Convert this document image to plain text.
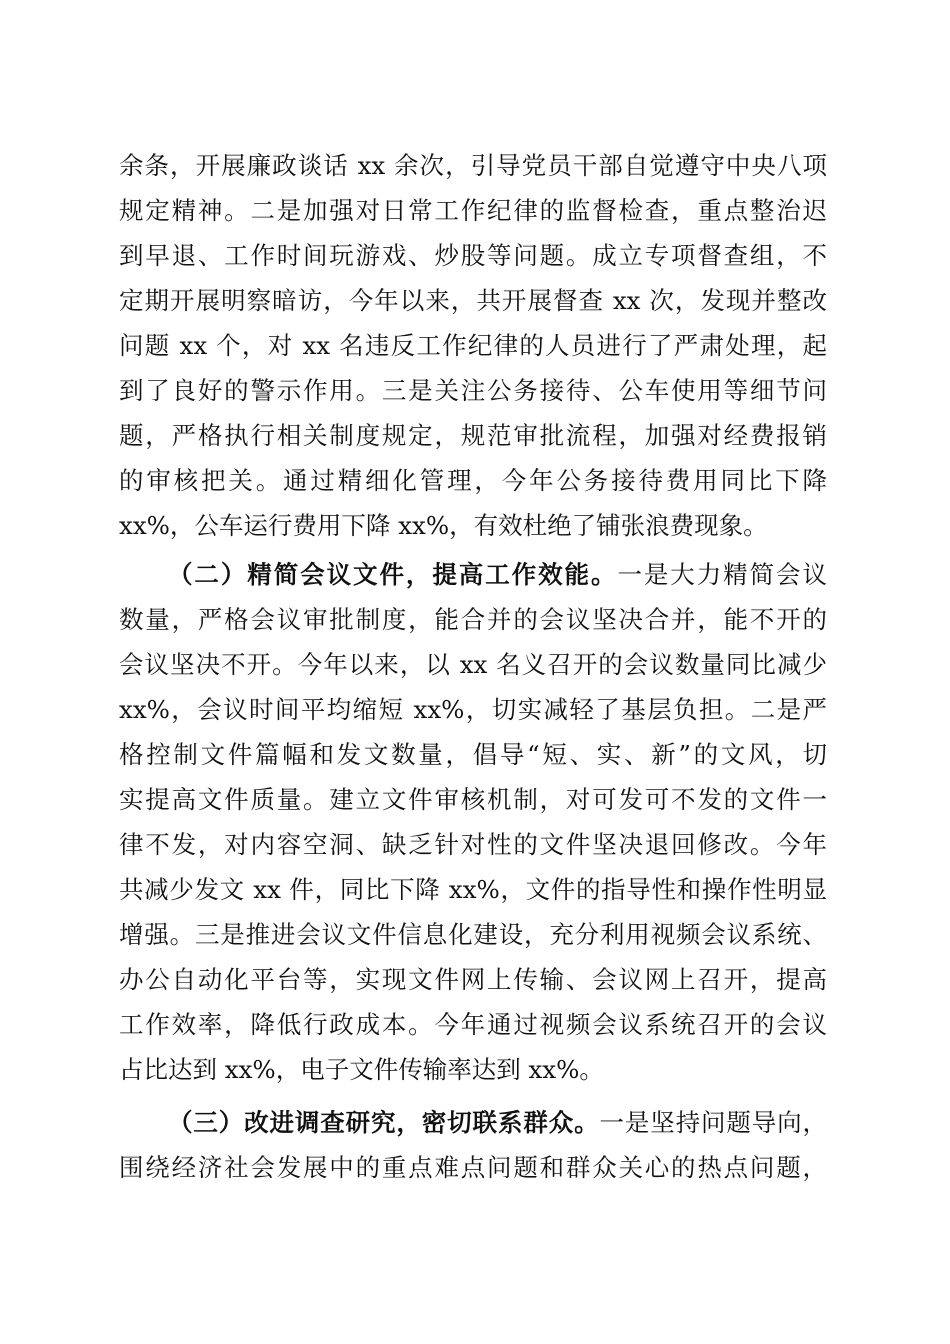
余条，开展廉政谈话 xx 余次，引导党员干部自觉遵守中央八项
规定精神。二是加强对日常工作纪律的监督检查，重点整治迟
到早退、工作时间玩游戏、炒股等问题。成立专项督查组，不
定期开展明察暗访，今年以来，共开展督查 xx 次，发现并整改
问题 xx 个，对 xx 名违反工作纪律的人员进行了严肃处理，起
到了良好的警示作用。三是关注公务接待、公车使用等细节问
题，严格执行相关制度规定，规范审批流程，加强对经费报销
的审核把关。通过精细化管理，今年公务接待费用同比下降
xx%，公车运行费用下降 xx%，有效杜绝了铺张浪费现象。
（二）精简会议文件，提高工作效能。一是大力精简会议
数量，严格会议审批制度，能合并的会议坚决合并，能不开的
会议坚决不开。今年以来，以 xx 名义召开的会议数量同比减少
xx%，会议时间平均缩短 xx%，切实减轻了基层负担。二是严
格控制文件篇幅和发文数量，倡导“短、实、新”的文风，切
实提高文件质量。建立文件审核机制，对可发可不发的文件一
律不发，对内容空洞、缺乏针对性的文件坚决退回修改。今年
共减少发文 xx 件，同比下降 xx%，文件的指导性和操作性明显
增强。三是推进会议文件信息化建设，充分利用视频会议系统、
办公自动化平台等，实现文件网上传输、会议网上召开，提高
工作效率，降低行政成本。今年通过视频会议系统召开的会议
占比达到 xx%，电子文件传输率达到 xx%。
（三）改进调查研究，密切联系群众。一是坚持问题导向，
围绕经济社会发展中的重点难点问题和群众关心的热点问题，
